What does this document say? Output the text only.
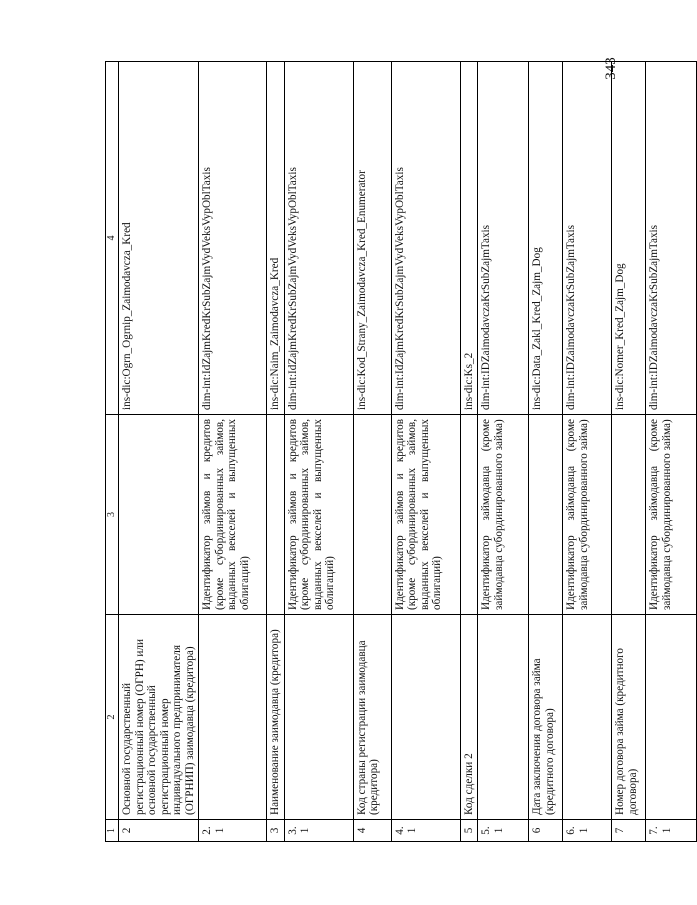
343
1	2	3	4
2	Основной государственный регистрационный номер (ОГРН) или основной государственный регистрационный номер индивидуального предпринимателя (ОГРНИП) заимодавца (кредитора)		ins-dic:Ogrn_Ogrnip_Zaimodavcza_Kred
2.1		Идентификатор займов и кредитов (кроме субординированных займов, выданных векселей и выпущенных облигаций)	dim-int:IdZajmKredKrSubZajmVydVeksVypOblTaxis
3	Наименование заимодавца (кредитора)		ins-dic:Naim_Zaimodavcza_Kred
3.1		Идентификатор займов и кредитов (кроме субординированных займов, выданных векселей и выпущенных облигаций)	dim-int:IdZajmKredKrSubZajmVydVeksVypOblTaxis
4	Код страны регистрации заимодавца (кредитора)		ins-dic:Kod_Strany_Zaimodavcza_Kred_Enumerator
4.1		Идентификатор займов и кредитов (кроме субординированных займов, выданных векселей и выпущенных облигаций)	dim-int:IdZajmKredKrSubZajmVydVeksVypOblTaxis
5	Код сделки 2		ins-dic:Ks_2
5.1		Идентификатор займодавца (кроме займодавца субординированного займа)	dim-int:IDZaimodavczaKrSubZajmTaxis
6	Дата заключения договора займа (кредитного договора)		ins-dic:Data_Zakl_Kred_Zajm_Dog
6.1		Идентификатор займодавца (кроме займодавца субординированного займа)	dim-int:IDZaimodavczaKrSubZajmTaxis
7	Номер договора займа (кредитного договора)		ins-dic:Nomer_Kred_Zajm_Dog
7.1		Идентификатор займодавца (кроме займодавца субординированного займа)	dim-int:IDZaimodavczaKrSubZajmTaxis
